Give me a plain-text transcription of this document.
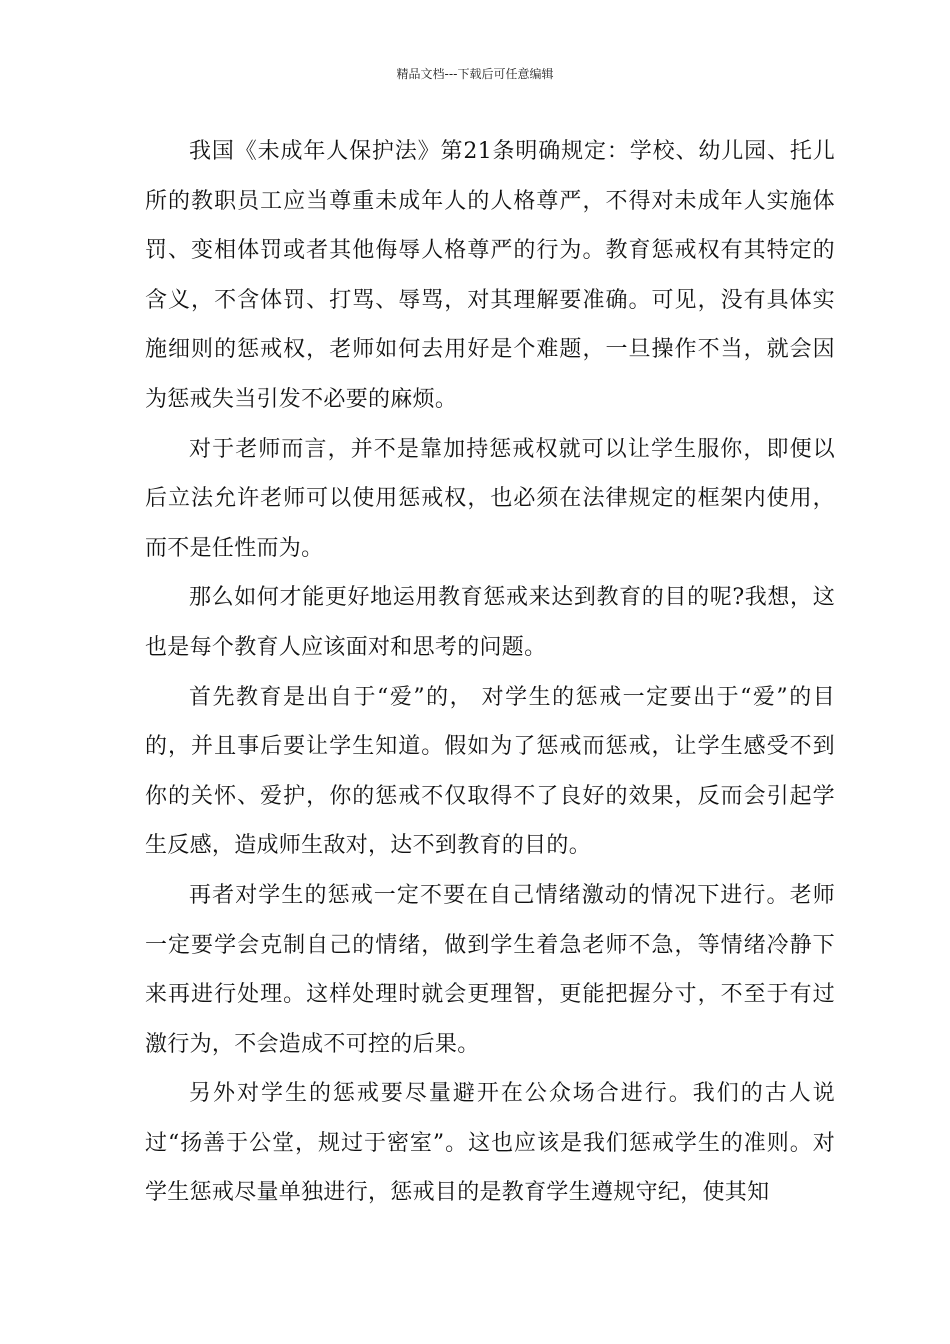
精品文档---下载后可任意编辑

我国《未成年人保护法》第21条明确规定：学校、幼儿园、托儿所的教职员工应当尊重未成年人的人格尊严，不得对未成年人实施体罚、变相体罚或者其他侮辱人格尊严的行为。教育惩戒权有其特定的含义，不含体罚、打骂、辱骂，对其理解要准确。可见，没有具体实施细则的惩戒权，老师如何去用好是个难题，一旦操作不当，就会因为惩戒失当引发不必要的麻烦。

对于老师而言，并不是靠加持惩戒权就可以让学生服你，即便以后立法允许老师可以使用惩戒权，也必须在法律规定的框架内使用，而不是任性而为。

那么如何才能更好地运用教育惩戒来达到教育的目的呢?我想，这也是每个教育人应该面对和思考的问题。

首先教育是出自于“爱”的， 对学生的惩戒一定要出于“爱”的目的，并且事后要让学生知道。假如为了惩戒而惩戒，让学生感受不到你的关怀、爱护，你的惩戒不仅取得不了良好的效果，反而会引起学生反感，造成师生敌对，达不到教育的目的。

再者对学生的惩戒一定不要在自己情绪激动的情况下进行。老师一定要学会克制自己的情绪，做到学生着急老师不急，等情绪冷静下来再进行处理。这样处理时就会更理智，更能把握分寸，不至于有过激行为，不会造成不可控的后果。

另外对学生的惩戒要尽量避开在公众场合进行。我们的古人说过“扬善于公堂，规过于密室”。这也应该是我们惩戒学生的准则。对学生惩戒尽量单独进行，惩戒目的是教育学生遵规守纪，使其知
